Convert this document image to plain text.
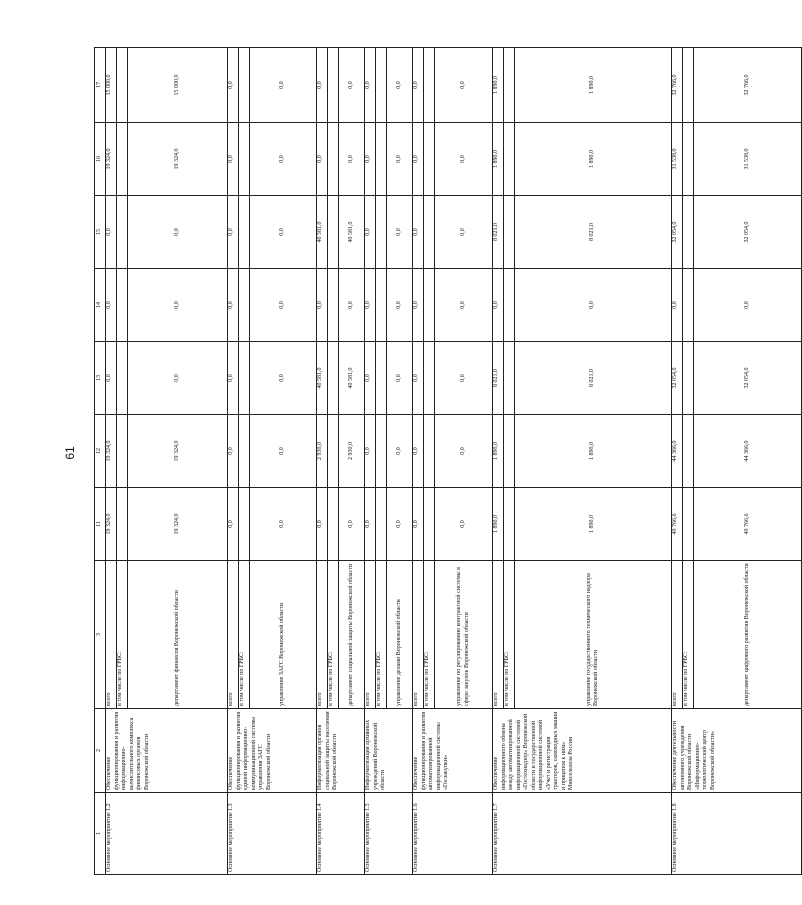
61
1	2	3	11	12	13	14	15	16	17
Основное мероприятие 1.2	Обеспечение функционирования и развития информационно-вычислительного комплекса финансовых органов Воронежской области	всего	19 324,0	19 324,0	0,0	0,0	0,0	19 324,0	15 000,0
		в том числе по ГРБС:							
		департамент финансов Воронежской области	19 324,0	19 324,0	0,0	0,0	0,0	19 324,0	15 000,0
Основное мероприятие 1.3	Обеспечение функционирования и развития единой информационно-коммуникационной системы управления ЗАГС Воронежской области	всего	0,0	0,0	0,0	0,0	0,0	0,0	0,0
		в том числе по ГРБС:							
		управление ЗАГС Воронежской области	0,0	0,0	0,0	0,0	0,0	0,0	0,0
Основное мероприятие 1.4	Информатизация органов социальной защиты населения Воронежской области	всего	0,0	2 930,0	40 581,0	0,0	40 581,0	0,0	0,0
		в том числе по ГРБС:							
		департамент социальной защиты Воронежской области	0,0	2 930,0	40 581,0	0,0	40 581,0	0,0	0,0
Основное мероприятие 1.5	Информатизация архивных учреждений Воронежской области	всего	0,0	0,0	0,0	0,0	0,0	0,0	0,0
		в том числе по ГРБС:							
		управление делами Воронежской области	0,0	0,0	0,0	0,0	0,0	0,0	0,0
Основное мероприятие 1.6	Обеспечение функционирования и развития автоматизированной информационной системы «Госзакупки»	всего	0,0	0,0	0,0	0,0	0,0	0,0	0,0
		в том числе по ГРБС:							
		управление по регулированию контрактной системы в сфере закупок Воронежской области	0,0	0,0	0,0	0,0	0,0	0,0	0,0
Основное мероприятие 1.7	Обеспечение информационного обмена между автоматизированной информационной системой «Гостехнадзор» Воронежской области и государственной информационной системой «Учет и регистрация тракторов, самоходных машин и прицепов к ним» Минсельхоза России	всего	1 890,0	1 890,0	8 021,0	0,0	8 021,0	1 890,0	1 890,0
		в том числе по ГРБС:							
		управление государственного технического надзора Воронежской области	1 890,0	1 890,0	8 021,0	0,0	8 021,0	1 890,0	1 890,0
Основное мероприятие 1.8	Обеспечение деятельности автономного учреждения Воронежской области «Информационно-технологический центр Воронежской области»	всего	40 766,6	44 366,0	32 054,0	0,0	32 054,0	31 538,0	32 766,0
		в том числе по ГРБС:							
		департамент цифрового развития Воронежской области	40 766,6	44 366,0	32 054,0	0,0	32 054,0	31 538,0	32 766,0
